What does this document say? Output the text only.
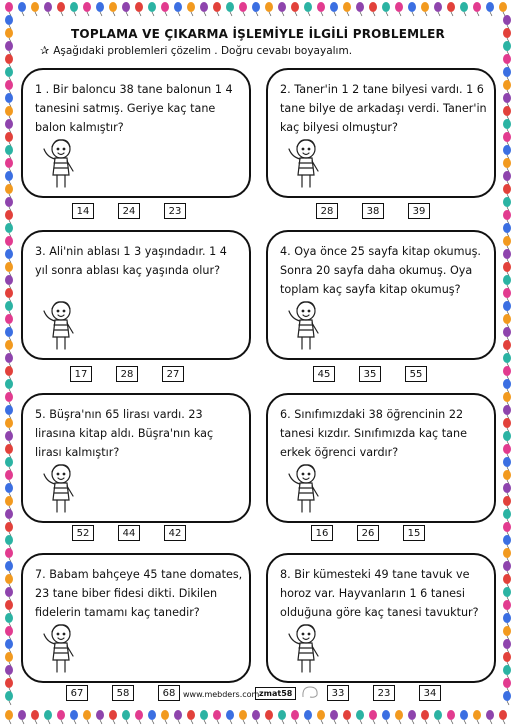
TOPLAMA VE ÇIKARMA İŞLEMİYLE İLGİLİ PROBLEMLER
✰ Aşağıdaki problemleri çözelim . Doğru cevabı boyayalım.
1 . Bir baloncu 38 tane balonun 1 4 tanesini satmış. Geriye kaç tane balon kalmıştır?
14	24	23
2. Taner'in 1 2 tane bilyesi vardı. 1 6 tane bilye de arkadaşı verdi. Taner'in kaç bilyesi olmuştur?
28	38	39
3. Ali'nin ablası 1 3 yaşındadır. 1 4 yıl sonra ablası kaç yaşında olur?
17	28	27
4. Oya önce 25 sayfa kitap okumuş. Sonra 20 sayfa daha okumuş. Oya toplam kaç sayfa kitap okumuş?
45	35	55
5. Büşra'nın 65 lirası vardı. 23 lirasına kitap aldı. Büşra'nın kaç lirası kalmıştır?
52	44	42
6. Sınıfımızdaki 38 öğrencinin 22 tanesi kızdır. Sınıfımızda kaç tane erkek öğrenci vardır?
16	26	15
7. Babam bahçeye 45 tane domates, 23 tane biber fidesi dikti. Dikilen fidelerin tamamı kaç tanedir?
67	58	68
8. Bir kümesteki 49 tane tavuk ve horoz var. Hayvanların 1 6 tanesi olduğuna göre kaç tanesi tavuktur?
33	23	34
www.mebders.com zmat58
